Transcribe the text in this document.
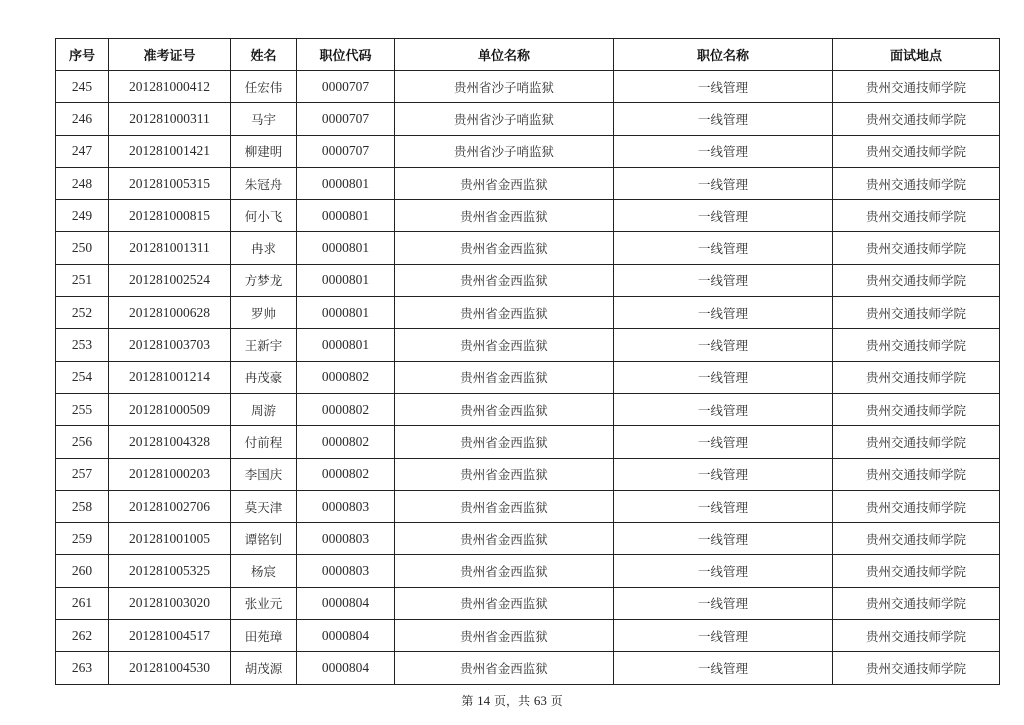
序号	准考证号	姓名	职位代码	单位名称	职位名称	面试地点
245	201281000412	任宏伟	0000707	贵州省沙子哨监狱	一线管理	贵州交通技师学院
246	201281000311	马宇	0000707	贵州省沙子哨监狱	一线管理	贵州交通技师学院
247	201281001421	柳建明	0000707	贵州省沙子哨监狱	一线管理	贵州交通技师学院
248	201281005315	朱冠舟	0000801	贵州省金西监狱	一线管理	贵州交通技师学院
249	201281000815	何小飞	0000801	贵州省金西监狱	一线管理	贵州交通技师学院
250	201281001311	冉求	0000801	贵州省金西监狱	一线管理	贵州交通技师学院
251	201281002524	方梦龙	0000801	贵州省金西监狱	一线管理	贵州交通技师学院
252	201281000628	罗帅	0000801	贵州省金西监狱	一线管理	贵州交通技师学院
253	201281003703	王新宇	0000801	贵州省金西监狱	一线管理	贵州交通技师学院
254	201281001214	冉茂豪	0000802	贵州省金西监狱	一线管理	贵州交通技师学院
255	201281000509	周游	0000802	贵州省金西监狱	一线管理	贵州交通技师学院
256	201281004328	付前程	0000802	贵州省金西监狱	一线管理	贵州交通技师学院
257	201281000203	李国庆	0000802	贵州省金西监狱	一线管理	贵州交通技师学院
258	201281002706	莫天津	0000803	贵州省金西监狱	一线管理	贵州交通技师学院
259	201281001005	谭铭钊	0000803	贵州省金西监狱	一线管理	贵州交通技师学院
260	201281005325	杨宸	0000803	贵州省金西监狱	一线管理	贵州交通技师学院
261	201281003020	张业元	0000804	贵州省金西监狱	一线管理	贵州交通技师学院
262	201281004517	田苑璋	0000804	贵州省金西监狱	一线管理	贵州交通技师学院
263	201281004530	胡茂源	0000804	贵州省金西监狱	一线管理	贵州交通技师学院
第 14 页，共 63 页
